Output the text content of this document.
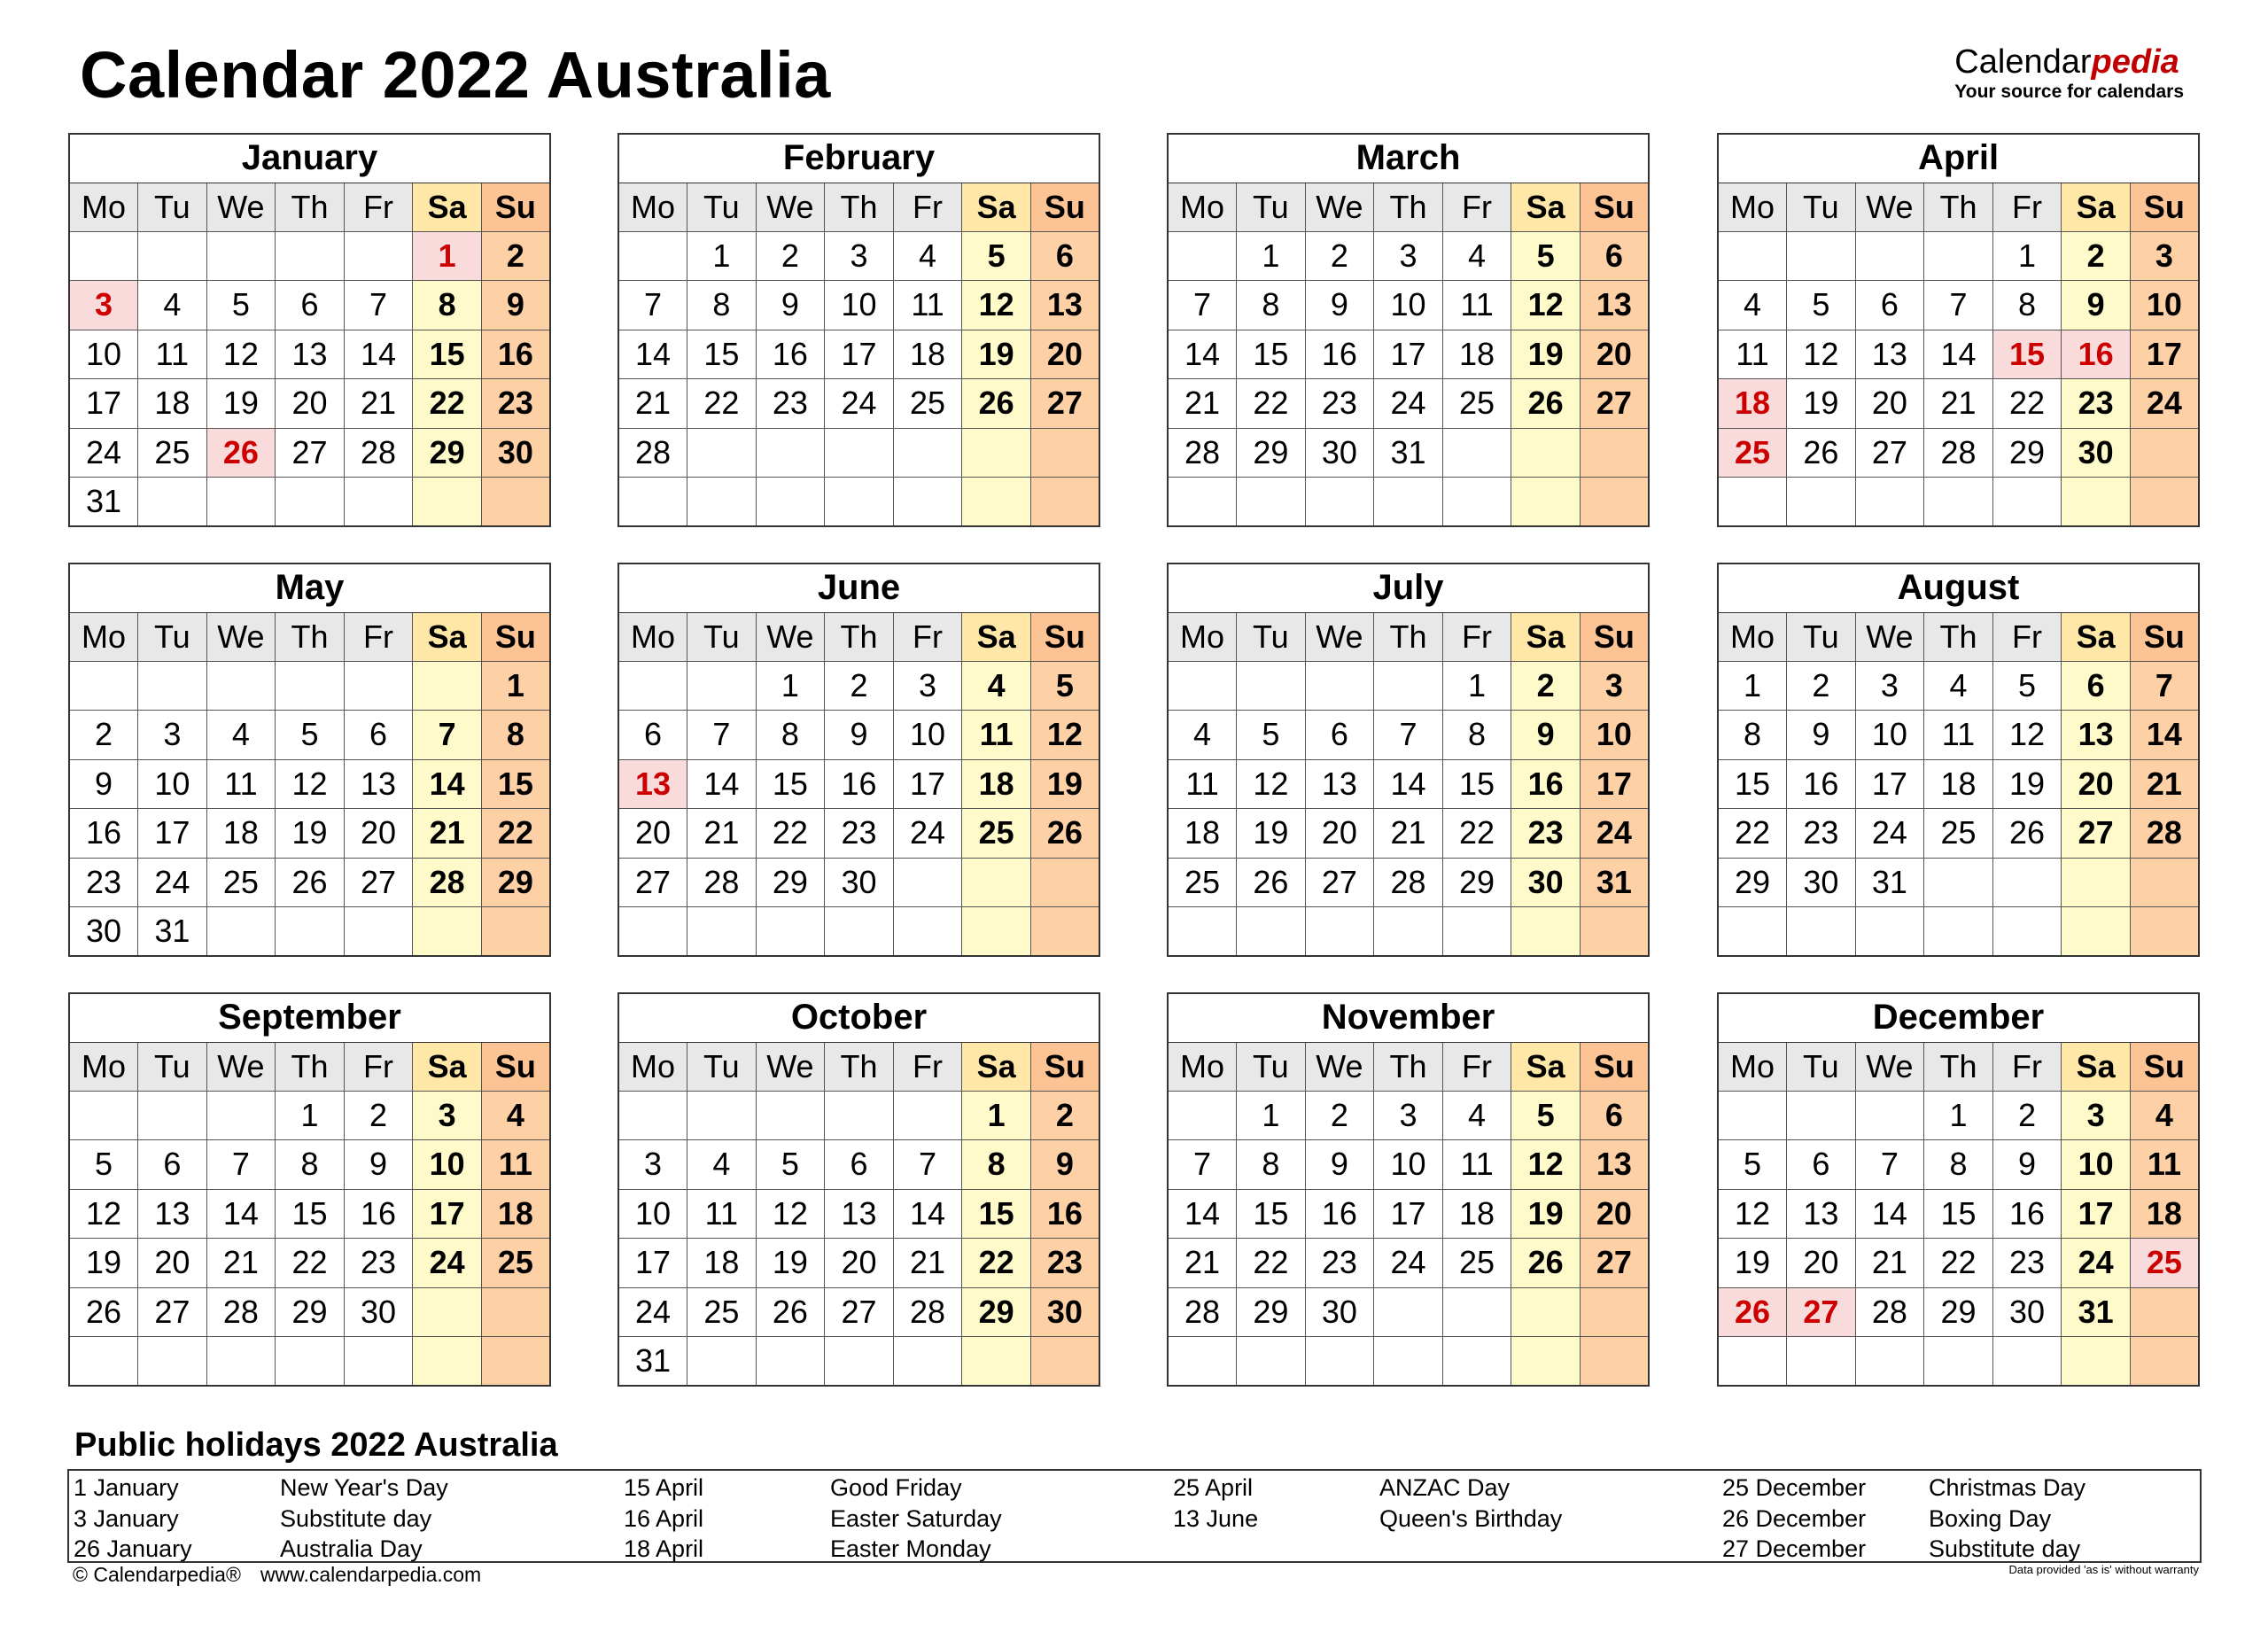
Calendar 2022 Australia	Calendarpedia
Your source for calendars
January						
Mo	Tu	We	Th	Fr	Sa	Su
					1	2
3	4	5	6	7	8	9
10	11	12	13	14	15	16
17	18	19	20	21	22	23
24	25	26	27	28	29	30
31						
February						
Mo	Tu	We	Th	Fr	Sa	Su
	1	2	3	4	5	6
7	8	9	10	11	12	13
14	15	16	17	18	19	20
21	22	23	24	25	26	27
28						

March						
Mo	Tu	We	Th	Fr	Sa	Su
	1	2	3	4	5	6
7	8	9	10	11	12	13
14	15	16	17	18	19	20
21	22	23	24	25	26	27
28	29	30	31			

April						
Mo	Tu	We	Th	Fr	Sa	Su
				1	2	3
4	5	6	7	8	9	10
11	12	13	14	15	16	17
18	19	20	21	22	23	24
25	26	27	28	29	30	

May						
Mo	Tu	We	Th	Fr	Sa	Su
						1
2	3	4	5	6	7	8
9	10	11	12	13	14	15
16	17	18	19	20	21	22
23	24	25	26	27	28	29
30	31					
June						
Mo	Tu	We	Th	Fr	Sa	Su
		1	2	3	4	5
6	7	8	9	10	11	12
13	14	15	16	17	18	19
20	21	22	23	24	25	26
27	28	29	30			

July						
Mo	Tu	We	Th	Fr	Sa	Su
				1	2	3
4	5	6	7	8	9	10
11	12	13	14	15	16	17
18	19	20	21	22	23	24
25	26	27	28	29	30	31

August						
Mo	Tu	We	Th	Fr	Sa	Su
1	2	3	4	5	6	7
8	9	10	11	12	13	14
15	16	17	18	19	20	21
22	23	24	25	26	27	28
29	30	31				

September						
Mo	Tu	We	Th	Fr	Sa	Su
			1	2	3	4
5	6	7	8	9	10	11
12	13	14	15	16	17	18
19	20	21	22	23	24	25
26	27	28	29	30		

October						
Mo	Tu	We	Th	Fr	Sa	Su
					1	2
3	4	5	6	7	8	9
10	11	12	13	14	15	16
17	18	19	20	21	22	23
24	25	26	27	28	29	30
31						
November						
Mo	Tu	We	Th	Fr	Sa	Su
	1	2	3	4	5	6
7	8	9	10	11	12	13
14	15	16	17	18	19	20
21	22	23	24	25	26	27
28	29	30				

December						
Mo	Tu	We	Th	Fr	Sa	Su
			1	2	3	4
5	6	7	8	9	10	11
12	13	14	15	16	17	18
19	20	21	22	23	24	25
26	27	28	29	30	31	

Public holidays 2022 Australia
1 January	New Year's Day
3 January	Substitute day
26 January	Australia Day
15 April	Good Friday
16 April	Easter Saturday
18 April	Easter Monday
25 April	ANZAC Day
13 June	Queen's Birthday
25 December	Christmas Day
26 December	Boxing Day
27 December	Substitute day
© Calendarpedia® www.calendarpedia.com	Data provided 'as is' without warranty
